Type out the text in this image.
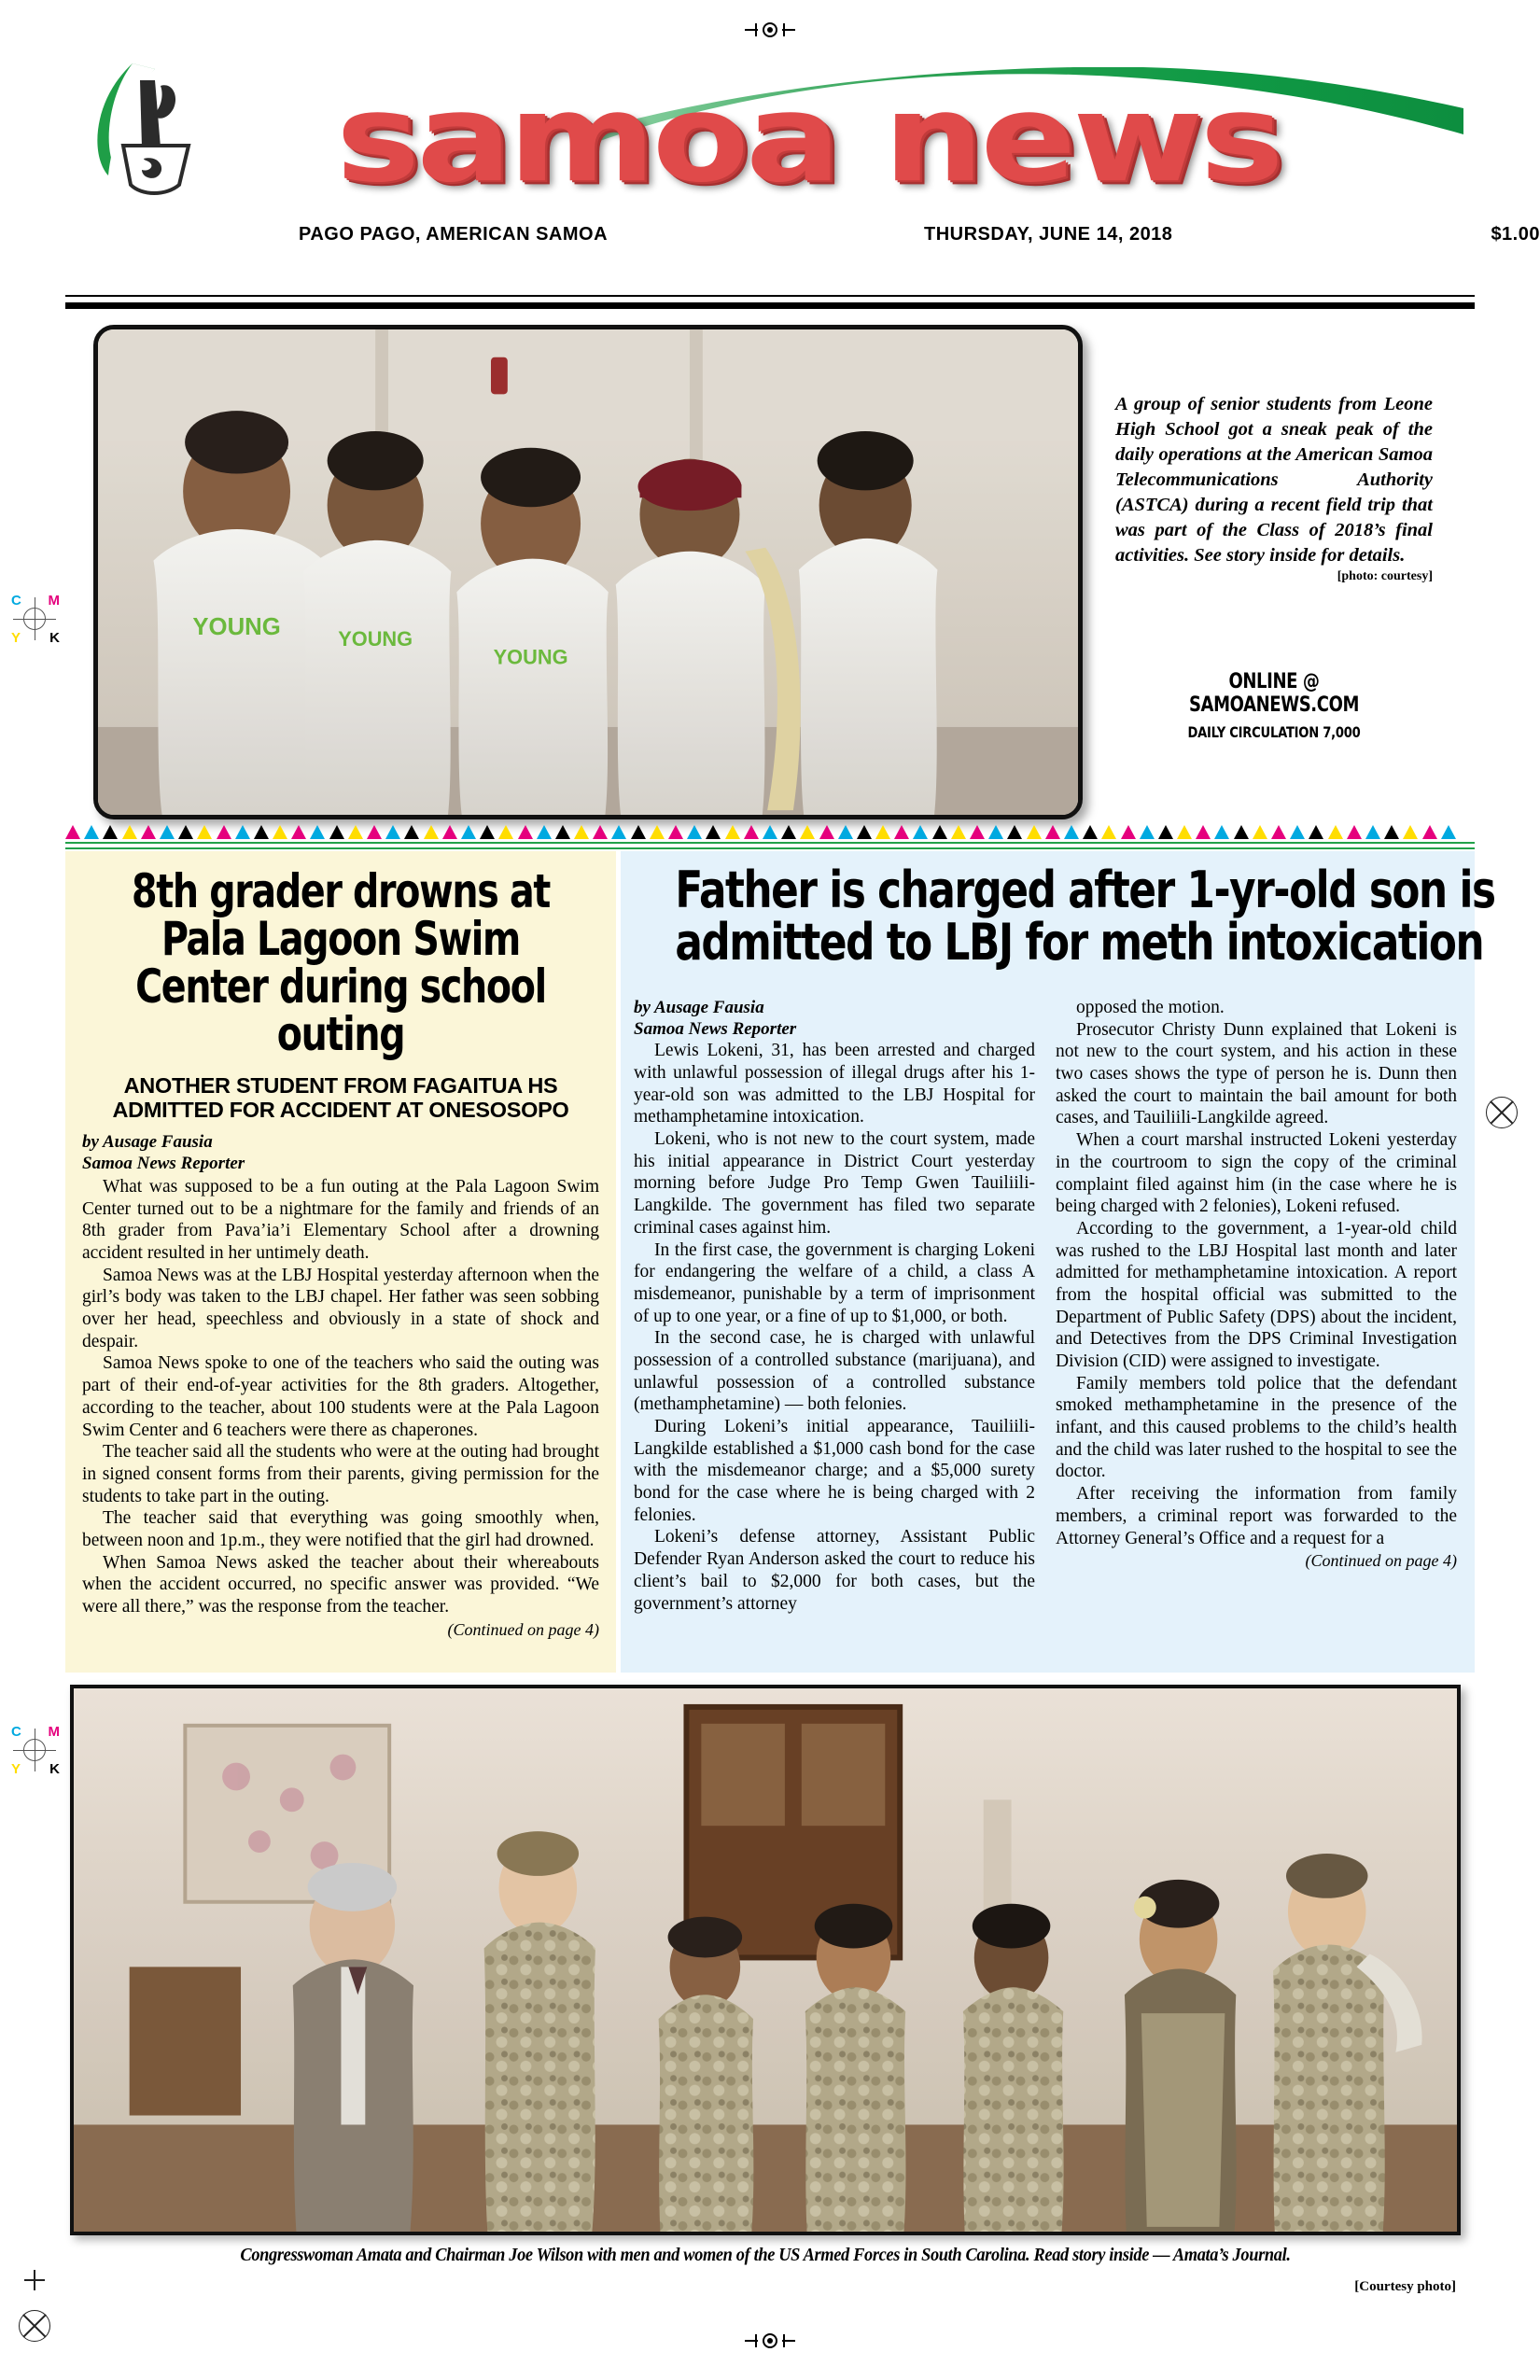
C M
Y K
C M
Y K
samoa news
PAGO PAGO, AMERICAN SAMOA	THURSDAY, JUNE 14, 2018	$1.00
YOUNG	YOUNG
YOUNG
A group of senior students from Leone High School got a sneak peak of the daily operations at the American Samoa Telecommunications Authority (ASTCA) during a recent field trip that was part of the Class of 2018’s final activities. See story inside for details.
[photo: courtesy]
ONLINE @ SAMOANEWS.COM
DAILY CIRCULATION 7,000
8th grader drowns at Pala Lagoon Swim Center during school outing
ANOTHER STUDENT FROM FAGAITUA HS ADMITTED FOR ACCIDENT AT ONESOSOPO
by Ausage Fausia
Samoa News Reporter

What was supposed to be a fun outing at the Pala Lagoon Swim Center turned out to be a nightmare for the family and friends of an 8th grader from Pava’ia’i Elementary School after a drowning accident resulted in her untimely death.

Samoa News was at the LBJ Hospital yesterday afternoon when the girl’s body was taken to the LBJ chapel. Her father was seen sobbing over her head, speechless and obviously in a state of shock and despair.

Samoa News spoke to one of the teachers who said the outing was part of their end-of-year activities for the 8th graders. Altogether, according to the teacher, about 100 students were at the Pala Lagoon Swim Center and 6 teachers were there as chaperones.

The teacher said all the students who were at the outing had brought in signed consent forms from their parents, giving permission for the students to take part in the outing.

The teacher said that everything was going smoothly when, between noon and 1p.m., they were notified that the girl had drowned.

When Samoa News asked the teacher about their whereabouts when the accident occurred, no specific answer was provided. “We were all there,” was the response from the teacher.

(Continued on page 4)
Father is charged after 1-yr-old son is
admitted to LBJ for meth intoxication
by Ausage Fausia
Samoa News Reporter

Lewis Lokeni, 31, has been arrested and charged with unlawful possession of illegal drugs after his 1-year-old son was admitted to the LBJ Hospital for methamphetamine intoxication.

Lokeni, who is not new to the court system, made his initial appearance in District Court yesterday morning before Judge Pro Temp Gwen Tauiliili-Langkilde. The government has filed two separate criminal cases against him.

In the first case, the government is charging Lokeni for endangering the welfare of a child, a class A misdemeanor, punishable by a term of imprisonment of up to one year, or a fine of up to $1,000, or both.

In the second case, he is charged with unlawful possession of a controlled substance (marijuana), and unlawful possession of a controlled substance (methamphetamine) — both felonies.

During Lokeni’s initial appearance, Tauiliili-Langkilde established a $1,000 cash bond for the case with the misdemeanor charge; and a $5,000 surety bond for the case where he is being charged with 2 felonies.

Lokeni’s defense attorney, Assistant Public Defender Ryan Anderson asked the court to reduce his client’s bail to $2,000 for both cases, but the government’s attorney

opposed the motion.

Prosecutor Christy Dunn explained that Lokeni is not new to the court system, and his action in these two cases shows the type of person he is. Dunn then asked the court to maintain the bail amount for both cases, and Tauiliili-Langkilde agreed.

When a court marshal instructed Lokeni yesterday in the courtroom to sign the copy of the criminal complaint filed against him (in the case where he is being charged with 2 felonies), Lokeni refused.

According to the government, a 1-year-old child was rushed to the LBJ Hospital last month and later admitted for methamphetamine intoxication. A report from the hospital official was submitted to the Department of Public Safety (DPS) about the incident, and Detectives from the DPS Criminal Investigation Division (CID) were assigned to investigate.

Family members told police that the defendant smoked methamphetamine in the presence of the infant, and this caused problems to the child’s health and the child was later rushed to the hospital to see the doctor.

After receiving the information from family members, a criminal report was forwarded to the Attorney General’s Office and a request for a

(Continued on page 4)
Congresswoman Amata and Chairman Joe Wilson with men and women of the US Armed Forces in South Carolina. Read story inside — Amata’s Journal.
[Courtesy photo]
